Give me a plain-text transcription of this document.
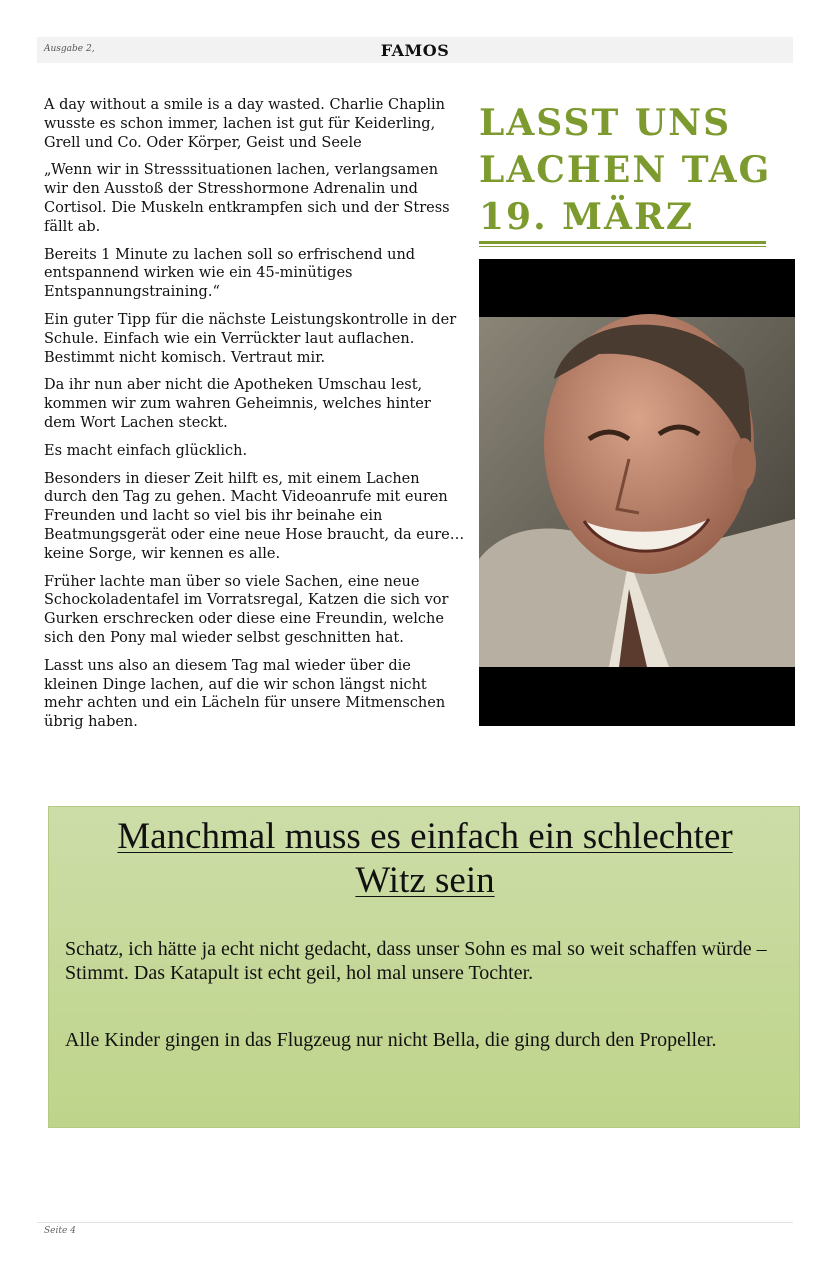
Ausgabe 2,	FAMOS

A day without a smile is a day wasted. Charlie Chaplin wusste es schon immer, lachen ist gut für Keiderling, Grell und Co. Oder Körper, Geist und Seele

„Wenn wir in Stresssituationen lachen, verlangsamen wir den Ausstoß der Stresshormone Adrenalin und Cortisol. Die Muskeln entkrampfen sich und der Stress fällt ab.

Bereits 1 Minute zu lachen soll so erfrischend und entspannend wirken wie ein 45-minütiges Entspannungstraining.“

Ein guter Tipp für die nächste Leistungskontrolle in der Schule. Einfach wie ein Verrückter laut auflachen. Bestimmt nicht komisch. Vertraut mir.

Da ihr nun aber nicht die Apotheken Umschau lest, kommen wir zum wahren Geheimnis, welches hinter dem Wort Lachen steckt.

Es macht einfach glücklich.

Besonders in dieser Zeit hilft es, mit einem Lachen durch den Tag zu gehen. Macht Videoanrufe mit euren Freunden und lacht so viel bis ihr beinahe ein Beatmungsgerät oder eine neue Hose braucht, da eure… keine Sorge, wir kennen es alle.

Früher lachte man über so viele Sachen, eine neue Schockoladentafel im Vorratsregal, Katzen die sich vor Gurken erschrecken oder diese eine Freundin, welche sich den Pony mal wieder selbst geschnitten hat.

Lasst uns also an diesem Tag mal wieder über die kleinen Dinge lachen, auf die wir schon längst nicht mehr achten und ein Lächeln für unsere Mitmenschen übrig haben.

LASST UNS
LACHEN TAG
19. MÄRZ
Manchmal muss es einfach ein schlechter
Witz sein
Schatz, ich hätte ja echt nicht gedacht, dass unser Sohn es mal so weit schaffen würde – Stimmt. Das Katapult ist echt geil, hol mal unsere Tochter.
Alle Kinder gingen in das Flugzeug nur nicht Bella, die ging durch den Propeller.
Seite 4
